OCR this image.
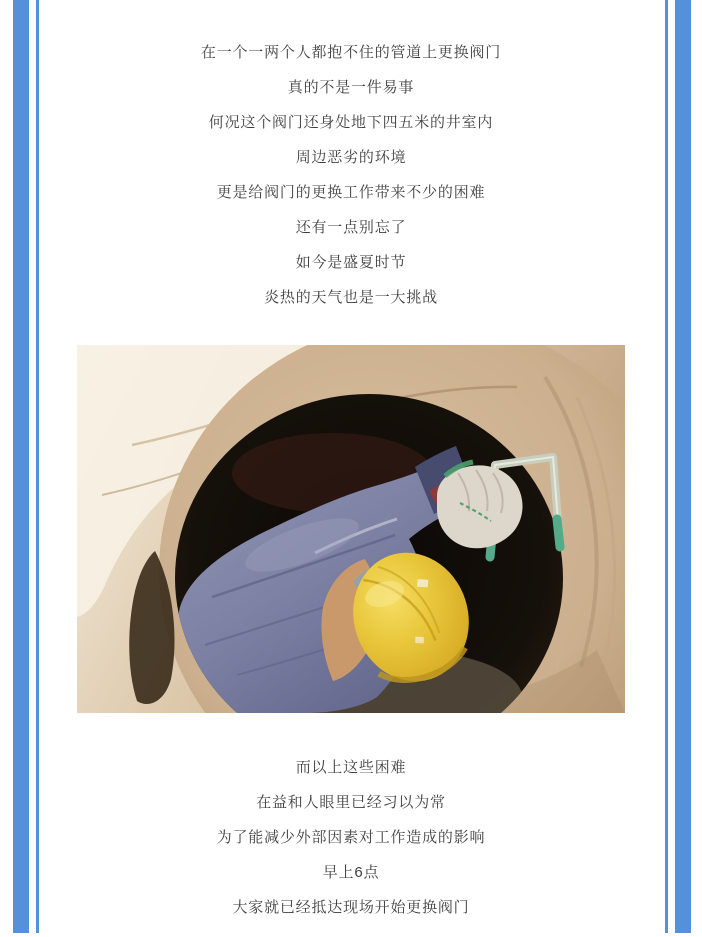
在一个一两个人都抱不住的管道上更换阀门

真的不是一件易事

何况这个阀门还身处地下四五米的井室内

周边恶劣的环境

更是给阀门的更换工作带来不少的困难

还有一点别忘了

如今是盛夏时节

炎热的天气也是一大挑战

而以上这些困难

在益和人眼里已经习以为常

为了能减少外部因素对工作造成的影响

早上6点

大家就已经抵达现场开始更换阀门
